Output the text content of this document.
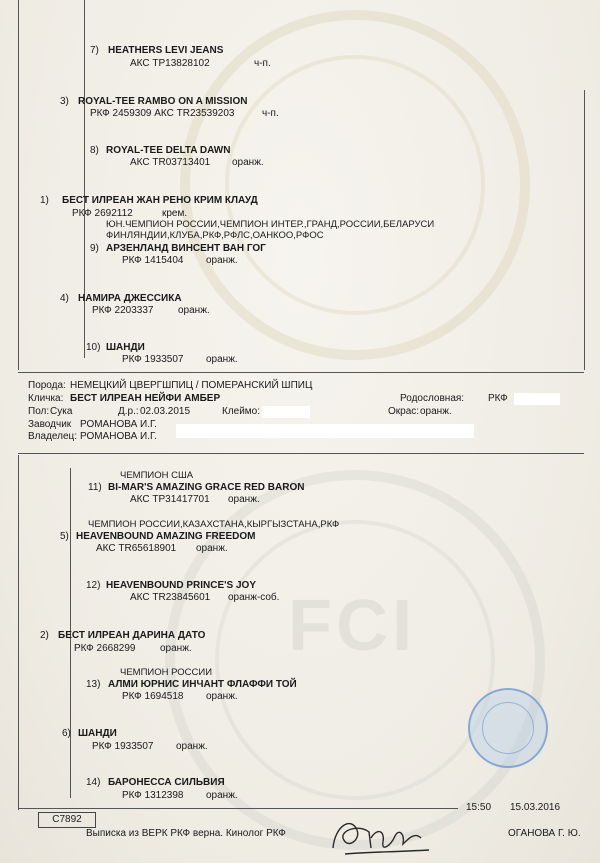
FCI
7) HEATHERS LEVI JEANS
АКС TP13828102	ч-п.
3) ROYAL-TEE RAMBO ON A MISSION
РКФ 2459309 АКС TR23539203	ч-п.
8) ROYAL-TEE DELTA DAWN
АКС TR03713401 оранж.
1) БЕСТ ИЛРЕАН ЖАН РЕНО КРИМ КЛАУД
РКФ 2692112	крем.
ЮН.ЧЕМПИОН РОССИИ,ЧЕМПИОН ИНТЕР.,ГРАНД,РОССИИ,БЕЛАРУСИ
ФИНЛЯНДИИ,КЛУБА,РКФ,РФЛС,ОАНКОО,РФОС
9) АРЗЕНЛАНД ВИНСЕНТ ВАН ГОГ
РКФ 1415404 оранж.
4) НАМИРА ДЖЕССИКА
РКФ 2203337 оранж.
10) ШАНДИ
РКФ 1933507 оранж.
Порода: НЕМЕЦКИЙ ЦВЕРГШПИЦ / ПОМЕРАНСКИЙ ШПИЦ
Кличка: БЕСТ ИЛРЕАН НЕЙФИ АМБЕР	Родословная: РКФ
Пол: Сука	Д.р.: 02.03.2015	Клеймо:	Окрас: оранж.
Заводчик РОМАНОВА И.Г.
Владелец: РОМАНОВА И.Г.
ЧЕМПИОН США
11) BI-MAR'S AMAZING GRACE RED BARON
АКС TP31417701 оранж.
ЧЕМПИОН РОССИИ,КАЗАХСТАНА,КЫРГЫЗСТАНА,РКФ
5) HEAVENBOUND AMAZING FREEDOM
АКС TR65618901 оранж.
12) HEAVENBOUND PRINCE'S JOY
АКС TR23845601 оранж-соб.
2) БЕСТ ИЛРЕАН ДАРИНА ДАТО
РКФ 2668299 оранж.
ЧЕМПИОН РОССИИ
13) АЛМИ ЮРНИС ИНЧАНТ ФЛАФФИ ТОЙ
РКФ 1694518 оранж.
6) ШАНДИ
РКФ 1933507 оранж.
14) БАРОНЕССА СИЛЬВИЯ
РКФ 1312398 оранж.
C7892
15:50 15.03.2016
Выписка из ВЕРК РКФ верна. Кинолог РКФ	ОГАНОВА Г. Ю.
